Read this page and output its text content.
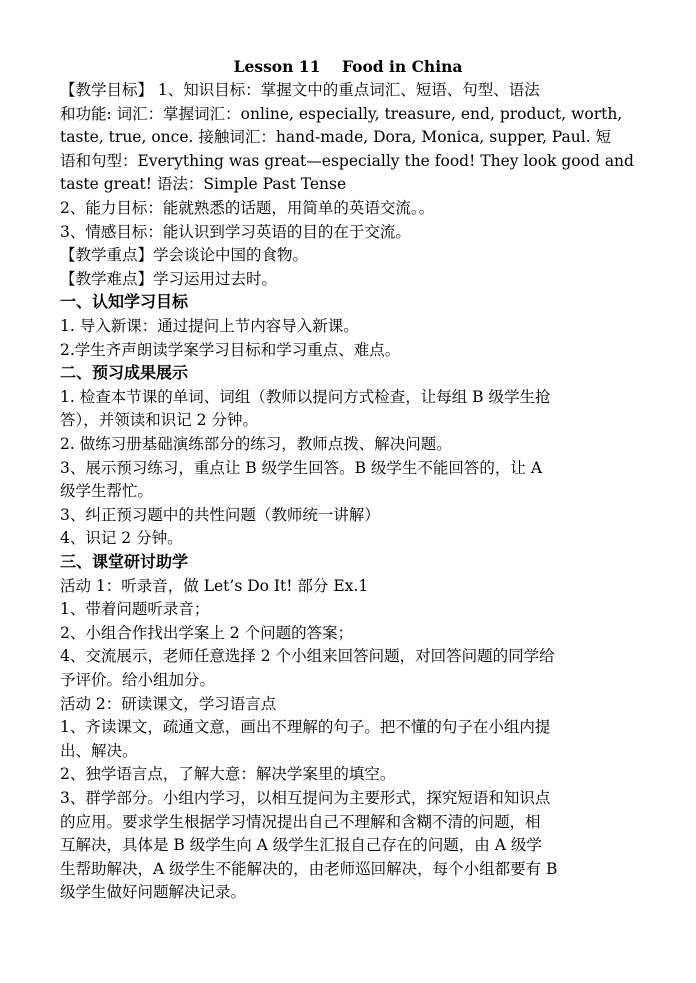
Lesson 11    Food in China
【教学目标】 1、知识目标：掌握文中的重点词汇、短语、句型、语法
和功能: 词汇：掌握词汇：online, especially, treasure, end, product, worth,
taste, true, once. 接触词汇：hand-made, Dora, Monica, supper, Paul. 短
语和句型：Everything was great—especially the food! They look good and
taste great! 语法：Simple Past Tense
2、能力目标：能就熟悉的话题，用简单的英语交流。。
3、情感目标：能认识到学习英语的目的在于交流。
【教学重点】学会谈论中国的食物。
【教学难点】学习运用过去时。
一、认知学习目标
1. 导入新课：通过提问上节内容导入新课。
2.学生齐声朗读学案学习目标和学习重点、难点。
二、预习成果展示
1. 检查本节课的单词、词组（教师以提问方式检查，让每组 B 级学生抢
答），并领读和识记 2 分钟。
2. 做练习册基础演练部分的练习，教师点拨、解决问题。
3、展示预习练习，重点让 B 级学生回答。B 级学生不能回答的，让 A
级学生帮忙。
3、纠正预习题中的共性问题（教师统一讲解）
4、识记 2 分钟。
三、课堂研讨助学
活动 1：听录音，做 Let’s Do It! 部分 Ex.1
1、带着问题听录音；
2、小组合作找出学案上 2 个问题的答案；
4、交流展示，老师任意选择 2 个小组来回答问题，对回答问题的同学给
予评价。给小组加分。
活动 2：研读课文，学习语言点
1、齐读课文，疏通文意，画出不理解的句子。把不懂的句子在小组内提
出、解决。
2、独学语言点，了解大意：解决学案里的填空。
3、群学部分。小组内学习，以相互提问为主要形式，探究短语和知识点
的应用。要求学生根据学习情况提出自己不理解和含糊不清的问题，相
互解决，具体是 B 级学生向 A 级学生汇报自己存在的问题，由 A 级学
生帮助解决，A 级学生不能解决的，由老师巡回解决，每个小组都要有 B
级学生做好问题解决记录。
